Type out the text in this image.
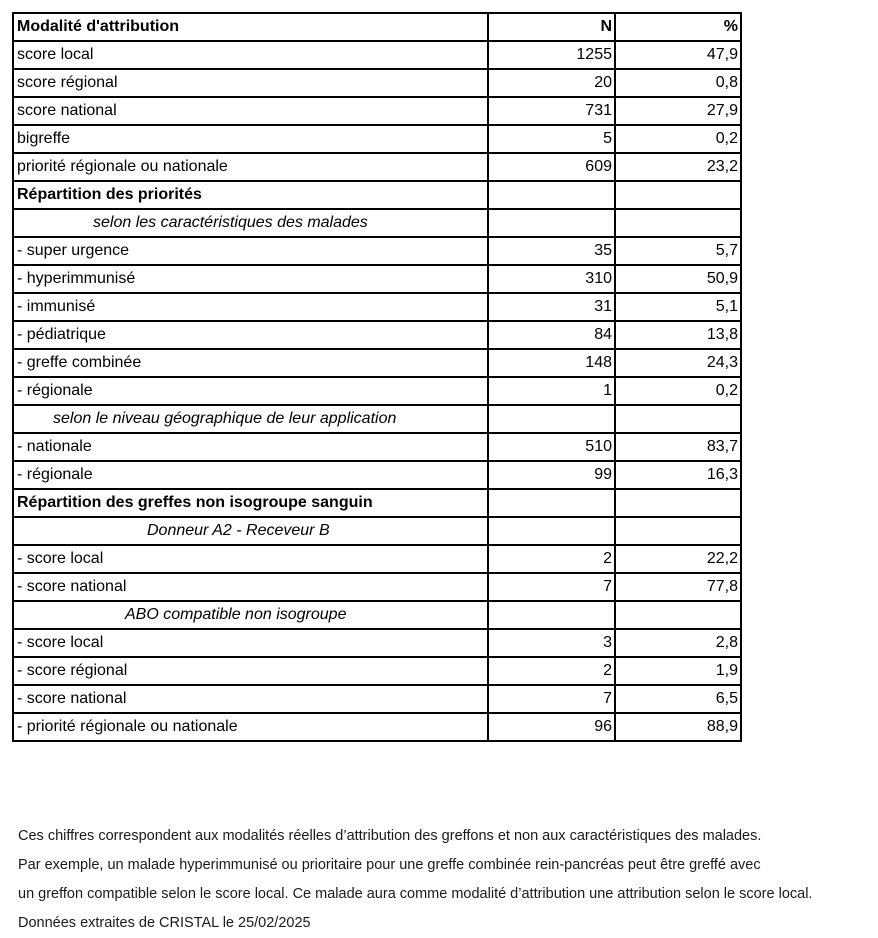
Modalité d'attribution	N	%
score local	1255	47,9
score régional	20	0,8
score national	731	27,9
bigreffe	5	0,2
priorité régionale ou nationale	609	23,2
Répartition des priorités		
selon les caractéristiques des malades		
- super urgence	35	5,7
- hyperimmunisé	310	50,9
- immunisé	31	5,1
- pédiatrique	84	13,8
- greffe combinée	148	24,3
- régionale	1	0,2
selon le niveau géographique de leur application		
- nationale	510	83,7
- régionale	99	16,3
Répartition des greffes non isogroupe sanguin		
Donneur A2 - Receveur B		
- score local	2	22,2
- score national	7	77,8
ABO compatible non isogroupe		
- score local	3	2,8
- score régional	2	1,9
- score national	7	6,5
- priorité régionale ou nationale	96	88,9

Ces chiffres correspondent aux modalités réelles d’attribution des greffons et non aux caractéristiques des malades.

Par exemple, un malade hyperimmunisé ou prioritaire pour une greffe combinée rein-pancréas peut être greffé avec

un greffon compatible selon le score local. Ce malade aura comme modalité d’attribution une attribution selon le score local.

Données extraites de CRISTAL le 25/02/2025
